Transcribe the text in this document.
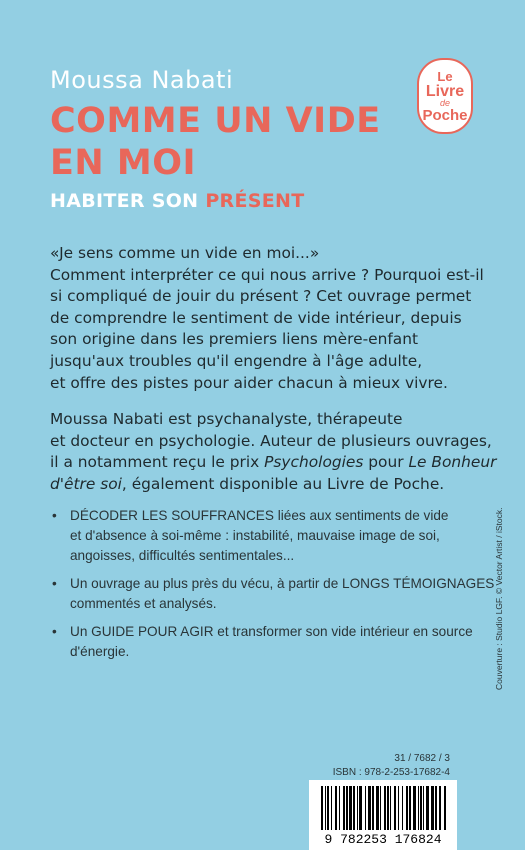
Moussa Nabati
COMME UN VIDE
EN MOI
HABITER SON PRÉSENT
Le
Livre
de
Poche
«Je sens comme un vide en moi...»
Comment interpréter ce qui nous arrive ? Pourquoi est-il
si compliqué de jouir du présent ? Cet ouvrage permet
de comprendre le sentiment de vide intérieur, depuis
son origine dans les premiers liens mère-enfant
jusqu'aux troubles qu'il engendre à l'âge adulte,
et offre des pistes pour aider chacun à mieux vivre.
Moussa Nabati est psychanalyste, thérapeute
et docteur en psychologie. Auteur de plusieurs ouvrages,
il a notamment reçu le prix Psychologies pour Le Bonheur
d'être soi, également disponible au Livre de Poche.
• DÉCODER LES SOUFFRANCES liées aux sentiments de vide
et d'absence à soi-même : instabilité, mauvaise image de soi,
angoisses, difficultés sentimentales...
• Un ouvrage au plus près du vécu, à partir de LONGS TÉMOIGNAGES
commentés et analysés.
• Un GUIDE POUR AGIR et transformer son vide intérieur en source
d'énergie.	Couverture : Studio LGF. © Vector Artist / iStock.
31 / 7682 / 3
ISBN : 978-2-253-17682-4
9 782253 176824
